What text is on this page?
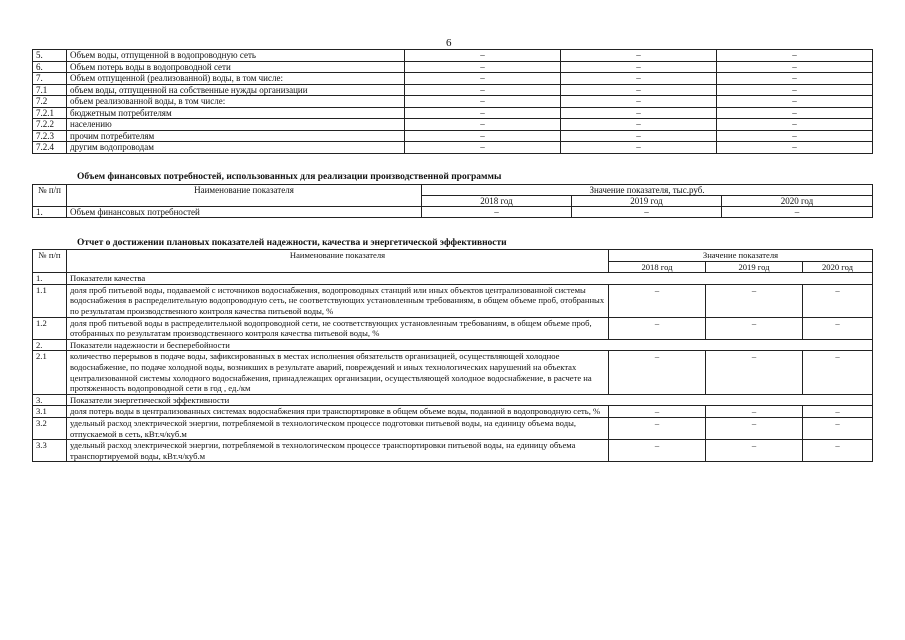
6
5.	Объем воды, отпущенной в водопроводную сеть	–	–	–
6.	Объем потерь воды в водопроводной сети	–	–	–
7.	Объем отпущенной (реализованной) воды, в том числе:	–	–	–
7.1	объем воды, отпущенной на собственные нужды организации	–	–	–
7.2	объем реализованной воды, в том числе:	–	–	–
7.2.1	бюджетным потребителям	–	–	–
7.2.2	населению	–	–	–
7.2.3	прочим потребителям	–	–	–
7.2.4	другим водопроводам	–	–	–
Объем финансовых потребностей, использованных для реализации производственной программы
№ п/п	Наименование показателя	Значение показателя, тыс.руб.		
		2018 год	2019 год	2020 год
1.	Объем финансовых потребностей	–	–	–
Отчет о достижении плановых показателей надежности, качества и энергетической эффективности
№ п/п	Наименование показателя	Значение показателя		
		2018 год	2019 год	2020 год
1.	Показатели качества			
1.1	доля проб питьевой воды, подаваемой с источников водоснабжения, водопроводных станций или иных объектов централизованной системы водоснабжения в распределительную водопроводную сеть, не соответствующих установленным требованиям, в общем объеме проб, отобранных по результатам производственного контроля качества питьевой воды, %	–	–	–
1.2	доля проб питьевой воды в распределительной водопроводной сети, не соответствующих установленным требованиям, в общем объеме проб, отобранных по результатам производственного контроля качества питьевой воды, %	–	–	–
2.	Показатели надежности и бесперебойности			
2.1	количество перерывов в подаче воды, зафиксированных в местах исполнения обязательств организацией, осуществляющей холодное водоснабжение, по подаче холодной воды, возникших в результате аварий, повреждений и иных технологических нарушений на объектах централизованной системы холодного водоснабжения, принадлежащих организации, осуществляющей холодное водоснабжение, в расчете на протяженность водопроводной сети в год , ед./км	–	–	–
3.	Показатели энергетической эффективности			
3.1	доля потерь воды в централизованных системах водоснабжения при транспортировке в общем объеме воды, поданной в водопроводную сеть, %	–	–	–
3.2	удельный расход электрической энергии, потребляемой в технологическом процессе подготовки питьевой воды, на единицу объема воды, отпускаемой в сеть, кВт.ч/куб.м	–	–	–
3.3	удельный расход электрической энергии, потребляемой в технологическом процессе транспортировки питьевой воды, на единицу объема транспортируемой воды, кВт.ч/куб.м	–	–	–
